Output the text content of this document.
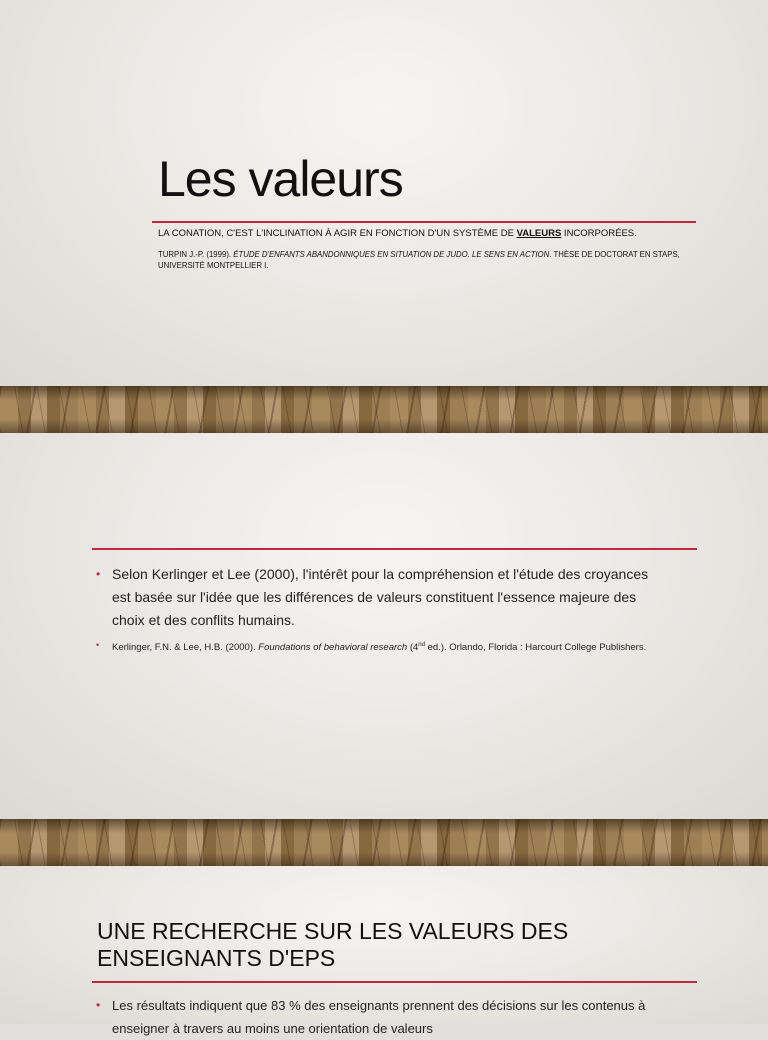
Les valeurs

LA CONATION, C'EST L'INCLINATION À AGIR EN FONCTION D'UN SYSTÈME DE VALEURS INCORPORÉES.

TURPIN J.-P. (1999). ÉTUDE D'ENFANTS ABANDONNIQUES EN SITUATION DE JUDO. LE SENS EN ACTION. THÈSE DE DOCTORAT EN STAPS, UNIVERSITÉ MONTPELLIER I.

• Selon Kerlinger et Lee (2000), l'intérêt pour la compréhension et l'étude des croyances est basée sur l'idée que les différences de valeurs constituent l'essence majeure des choix et des conflits humains.
• Kerlinger, F.N. & Lee, H.B. (2000). Foundations of behavioral research (4nd ed.). Orlando, Florida : Harcourt College Publishers.
UNE RECHERCHE SUR LES VALEURS DES ENSEIGNANTS D'EPS
• Les résultats indiquent que 83 % des enseignants prennent des décisions sur les contenus à enseigner à travers au moins une orientation de valeurs
